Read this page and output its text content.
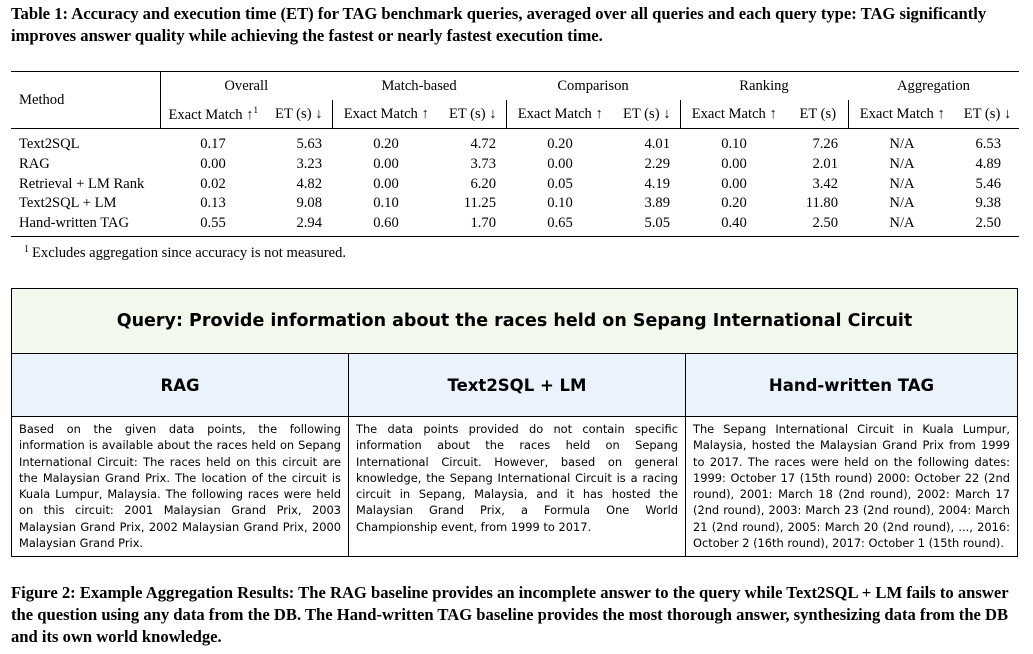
Table 1: Accuracy and execution time (ET) for TAG benchmark queries, averaged over all queries and each query type: TAG significantly improves answer quality while achieving the fastest or nearly fastest execution time.

Method	Overall		Match-based		Comparison		Ranking		Aggregation	
	Exact Match ↑$^1$	ET (s) ↓	Exact Match ↑	ET (s) ↓	Exact Match ↑	ET (s) ↓	Exact Match ↑	ET (s)	Exact Match ↑	ET (s) ↓
Text2SQL	0.17	5.63	0.20	4.72	0.20	4.01	0.10	7.26	N/A	6.53
RAG	0.00	3.23	0.00	3.73	0.00	2.29	0.00	2.01	N/A	4.89
Retrieval + LM Rank	0.02	4.82	0.00	6.20	0.05	4.19	0.00	3.42	N/A	5.46
Text2SQL + LM	0.13	9.08	0.10	11.25	0.10	3.89	0.20	11.80	N/A	9.38
Hand-written TAG	0.55	2.94	0.60	1.70	0.65	5.05	0.40	2.50	N/A	2.50
$^1$ Excludes aggregation since accuracy is not measured.
Query: Provide information about the races held on Sepang International Circuit
RAG	Text2SQL + LM	Hand-written TAG
Based on the given data points, the following information is available about the races held on Sepang International Circuit: The races held on this circuit are the Malaysian Grand Prix. The location of the circuit is Kuala Lumpur, Malaysia. The following races were held on this circuit: 2001 Malaysian Grand Prix, 2003 Malaysian Grand Prix, 2002 Malaysian Grand Prix, 2000 Malaysian Grand Prix.
The data points provided do not contain specific information about the races held on Sepang International Circuit. However, based on general knowledge, the Sepang International Circuit is a racing circuit in Sepang, Malaysia, and it has hosted the Malaysian Grand Prix, a Formula One World Championship event, from 1999 to 2017.
The Sepang International Circuit in Kuala Lumpur, Malaysia, hosted the Malaysian Grand Prix from 1999 to 2017. The races were held on the following dates: 1999: October 17 (15th round) 2000: October 22 (2nd round), 2001: March 18 (2nd round), 2002: March 17 (2nd round), 2003: March 23 (2nd round), 2004: March 21 (2nd round), 2005: March 20 (2nd round), ..., 2016: October 2 (16th round), 2017: October 1 (15th round).

Figure 2: Example Aggregation Results: The RAG baseline provides an incomplete answer to the query while Text2SQL + LM fails to answer the question using any data from the DB. The Hand-written TAG baseline provides the most thorough answer, synthesizing data from the DB and its own world knowledge.
